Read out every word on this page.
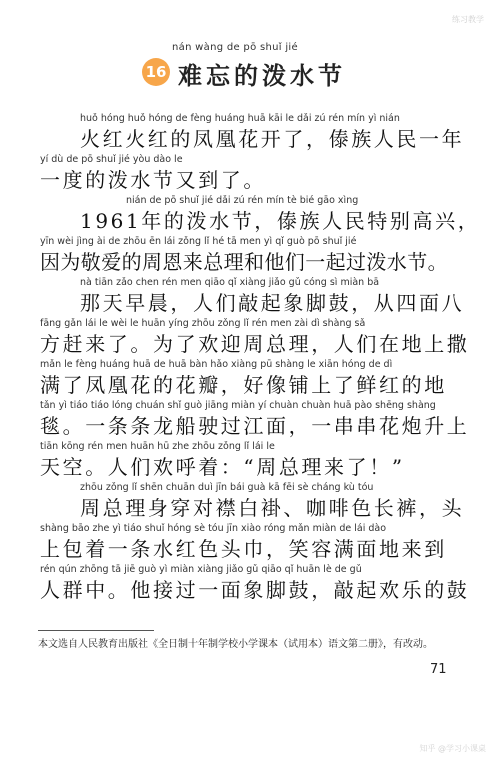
练习教学
nán wàng de pō shuǐ jié
16 难忘的泼水节
huǒ hóng huǒ hóng de fèng huáng huā kāi le dǎi zú rén mín yì nián
火红火红的凤凰花开了，傣族人民一年
yí dù de pō shuǐ jié yòu dào le
一度的泼水节又到了。
nián de pō shuǐ jié dǎi zú rén mín tè bié gāo xìng
1961年的泼水节，傣族人民特别高兴，
yīn wèi jìng ài de zhōu ēn lái zǒng lǐ hé tā men yì qǐ guò pō shuǐ jié
因为敬爱的周恩来总理和他们一起过泼水节。
nà tiān zǎo chen rén men qiāo qǐ xiàng jiǎo gǔ cóng sì miàn bā
那天早晨，人们敲起象脚鼓，从四面八
fāng gǎn lái le wèi le huān yíng zhōu zǒng lǐ rén men zài dì shàng sǎ
方赶来了。为了欢迎周总理，人们在地上撒
mǎn le fèng huáng huā de huā bàn hǎo xiàng pū shàng le xiān hóng de dì
满了凤凰花的花瓣，好像铺上了鲜红的地
tǎn yì tiáo tiáo lóng chuán shǐ guò jiāng miàn yí chuàn chuàn huā pào shēng shàng
毯。一条条龙船驶过江面，一串串花炮升上
tiān kōng rén men huān hū zhe zhōu zǒng lǐ lái le
天空。人们欢呼着：“周总理来了！”
zhōu zǒng lǐ shēn chuān duì jīn bái guà kā fēi sè cháng kù tóu
周总理身穿对襟白褂、咖啡色长裤，头
shàng bāo zhe yì tiáo shuǐ hóng sè tóu jīn xiào róng mǎn miàn de lái dào
上包着一条水红色头巾，笑容满面地来到
rén qún zhōng tā jiē guò yì miàn xiàng jiǎo gǔ qiāo qǐ huān lè de gǔ
人群中。他接过一面象脚鼓，敲起欢乐的鼓
本文选自人民教育出版社《全日制十年制学校小学课本（试用本）语文第二册》，有改动。
71
知乎 @学习小课桌
